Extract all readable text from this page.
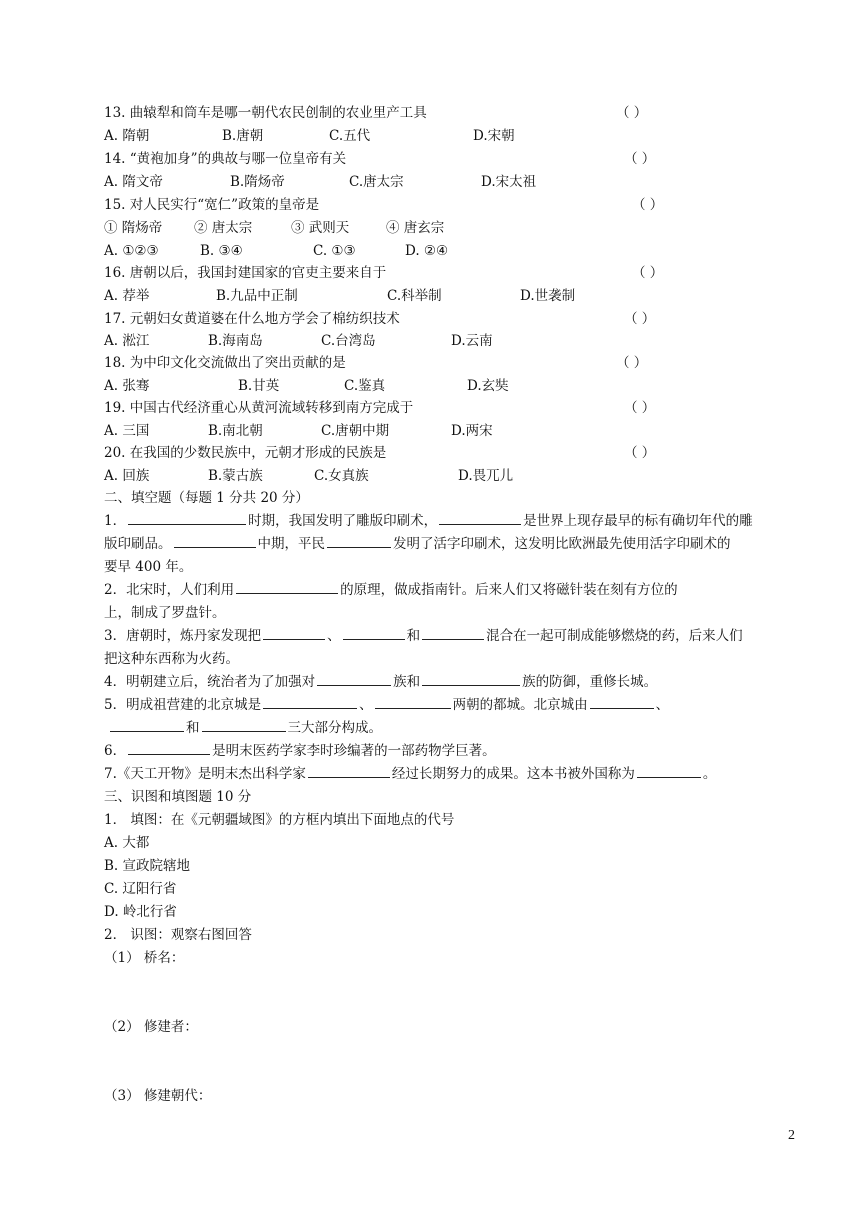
13. 曲辕犁和筒车是哪一朝代农民创制的农业里产工具	（ ）
A. 隋朝	B.唐朝	C.五代	D.宋朝
14. “黄袍加身”的典故与哪一位皇帝有关	（ ）
A. 隋文帝	B.隋炀帝	C.唐太宗	D.宋太祖
15. 对人民实行“宽仁”政策的皇帝是	（ ）
① 隋炀帝 ② 唐太宗	③ 武则天	④ 唐玄宗
A. ①②③	B. ③④	C. ①③	D. ②④
16. 唐朝以后，我国封建国家的官吏主要来自于	（ ）
A. 荐举	B.九品中正制	C.科举制	D.世袭制
17. 元朝妇女黄道婆在什么地方学会了棉纺织技术	（ ）
A. 淞江	B.海南岛	C.台湾岛	D.云南
18. 为中印文化交流做出了突出贡献的是	（ ）
A. 张骞	B.甘英	C.鉴真	D.玄奘
19. 中国古代经济重心从黄河流域转移到南方完成于	（ ）
A. 三国	B.南北朝	C.唐朝中期	D.两宋
20. 在我国的少数民族中，元朝才形成的民族是	（ ）
A. 回族	B.蒙古族	C.女真族	D.畏兀儿
二、填空题（每题 1 分共 20 分）
1．	时期，我国发明了雕版印刷术，	是世界上现存最早的标有确切年代的雕
版印刷品。	中期，平民	发明了活字印刷术，这发明比欧洲最先使用活字印刷术的
要早 400 年。
2．北宋时，人们利用	的原理，做成指南针。后来人们又将磁针装在刻有方位的
上，制成了罗盘针。
3．唐朝时，炼丹家发现把	、	和	混合在一起可制成能够燃烧的药，后来人们
把这种东西称为火药。
4．明朝建立后，统治者为了加强对	族和	族的防御，重修长城。
5．明成祖营建的北京城是	、	两朝的都城。北京城由	、
和	三大部分构成。
6．	是明末医药学家李时珍编著的一部药物学巨著。
7.《天工开物》是明末杰出科学家	经过长期努力的成果。这本书被外国称为	。
三、识图和填图题 10 分
1． 填图：在《元朝疆域图》的方框内填出下面地点的代号
A. 大都
B. 宣政院辖地
C. 辽阳行省
D. 岭北行省
2． 识图：观察右图回答
（1） 桥名：
（2） 修建者：
（3） 修建朝代：
2
